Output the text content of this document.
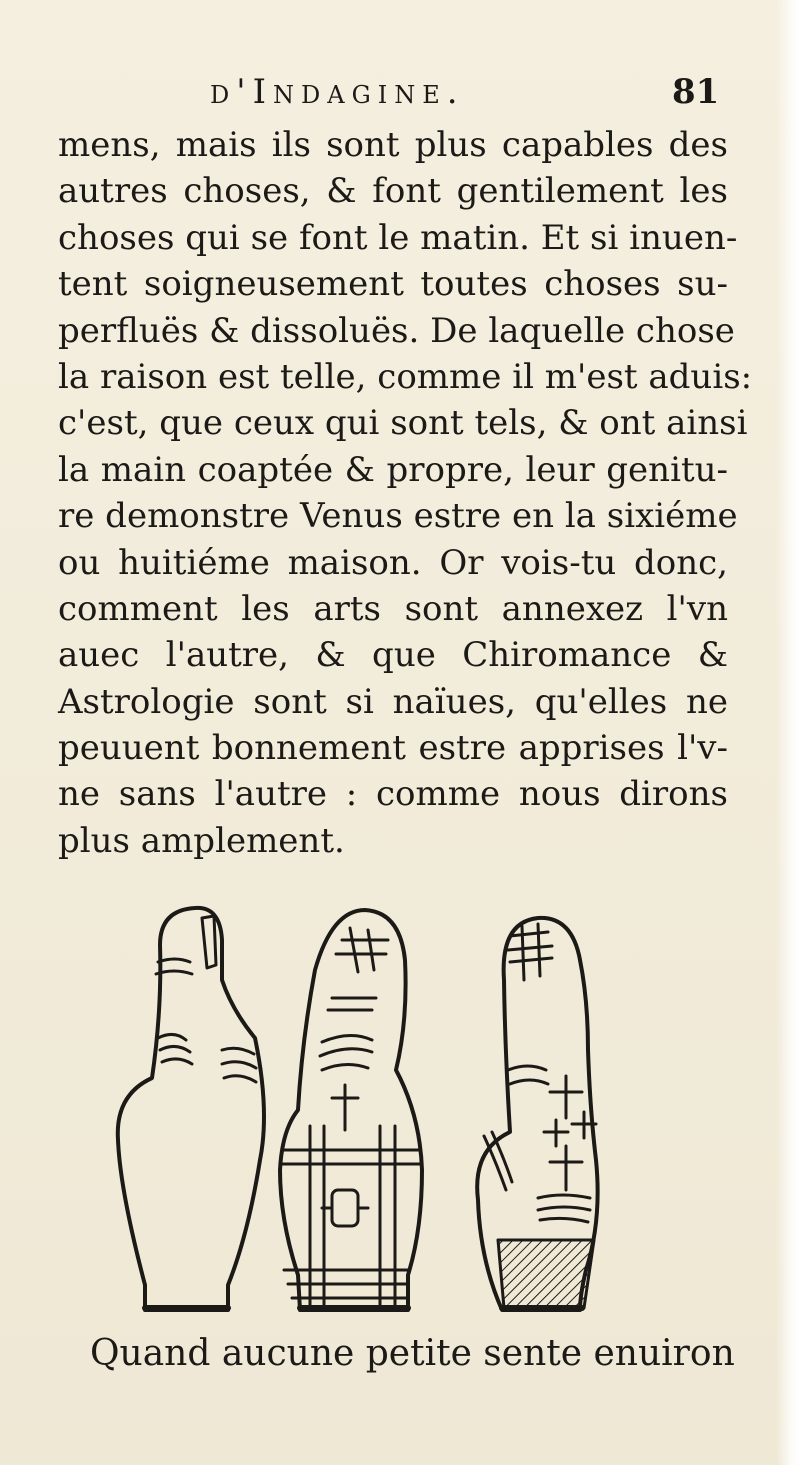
d'Indagine.	81
mens, mais ils sont plus capables des
autres choses, & font gentilement les
choses qui se font le matin. Et si inuen-
tent soigneusement toutes choses su-
perfluës & dissoluës. De laquelle chose
la raison est telle, comme il m'est aduis:
c'est, que ceux qui sont tels, & ont ainsi
la main coaptée & propre, leur genitu-
re demonstre Venus estre en la sixiéme
ou huitiéme maison. Or vois-tu donc,
comment les arts sont annexez l'vn
auec l'autre, & que Chiromance &
Astrologie sont si naïues, qu'elles ne
peuuent bonnement estre apprises l'v-
ne sans l'autre : comme nous dirons
plus amplement.
Quand aucune petite sente enuiron
